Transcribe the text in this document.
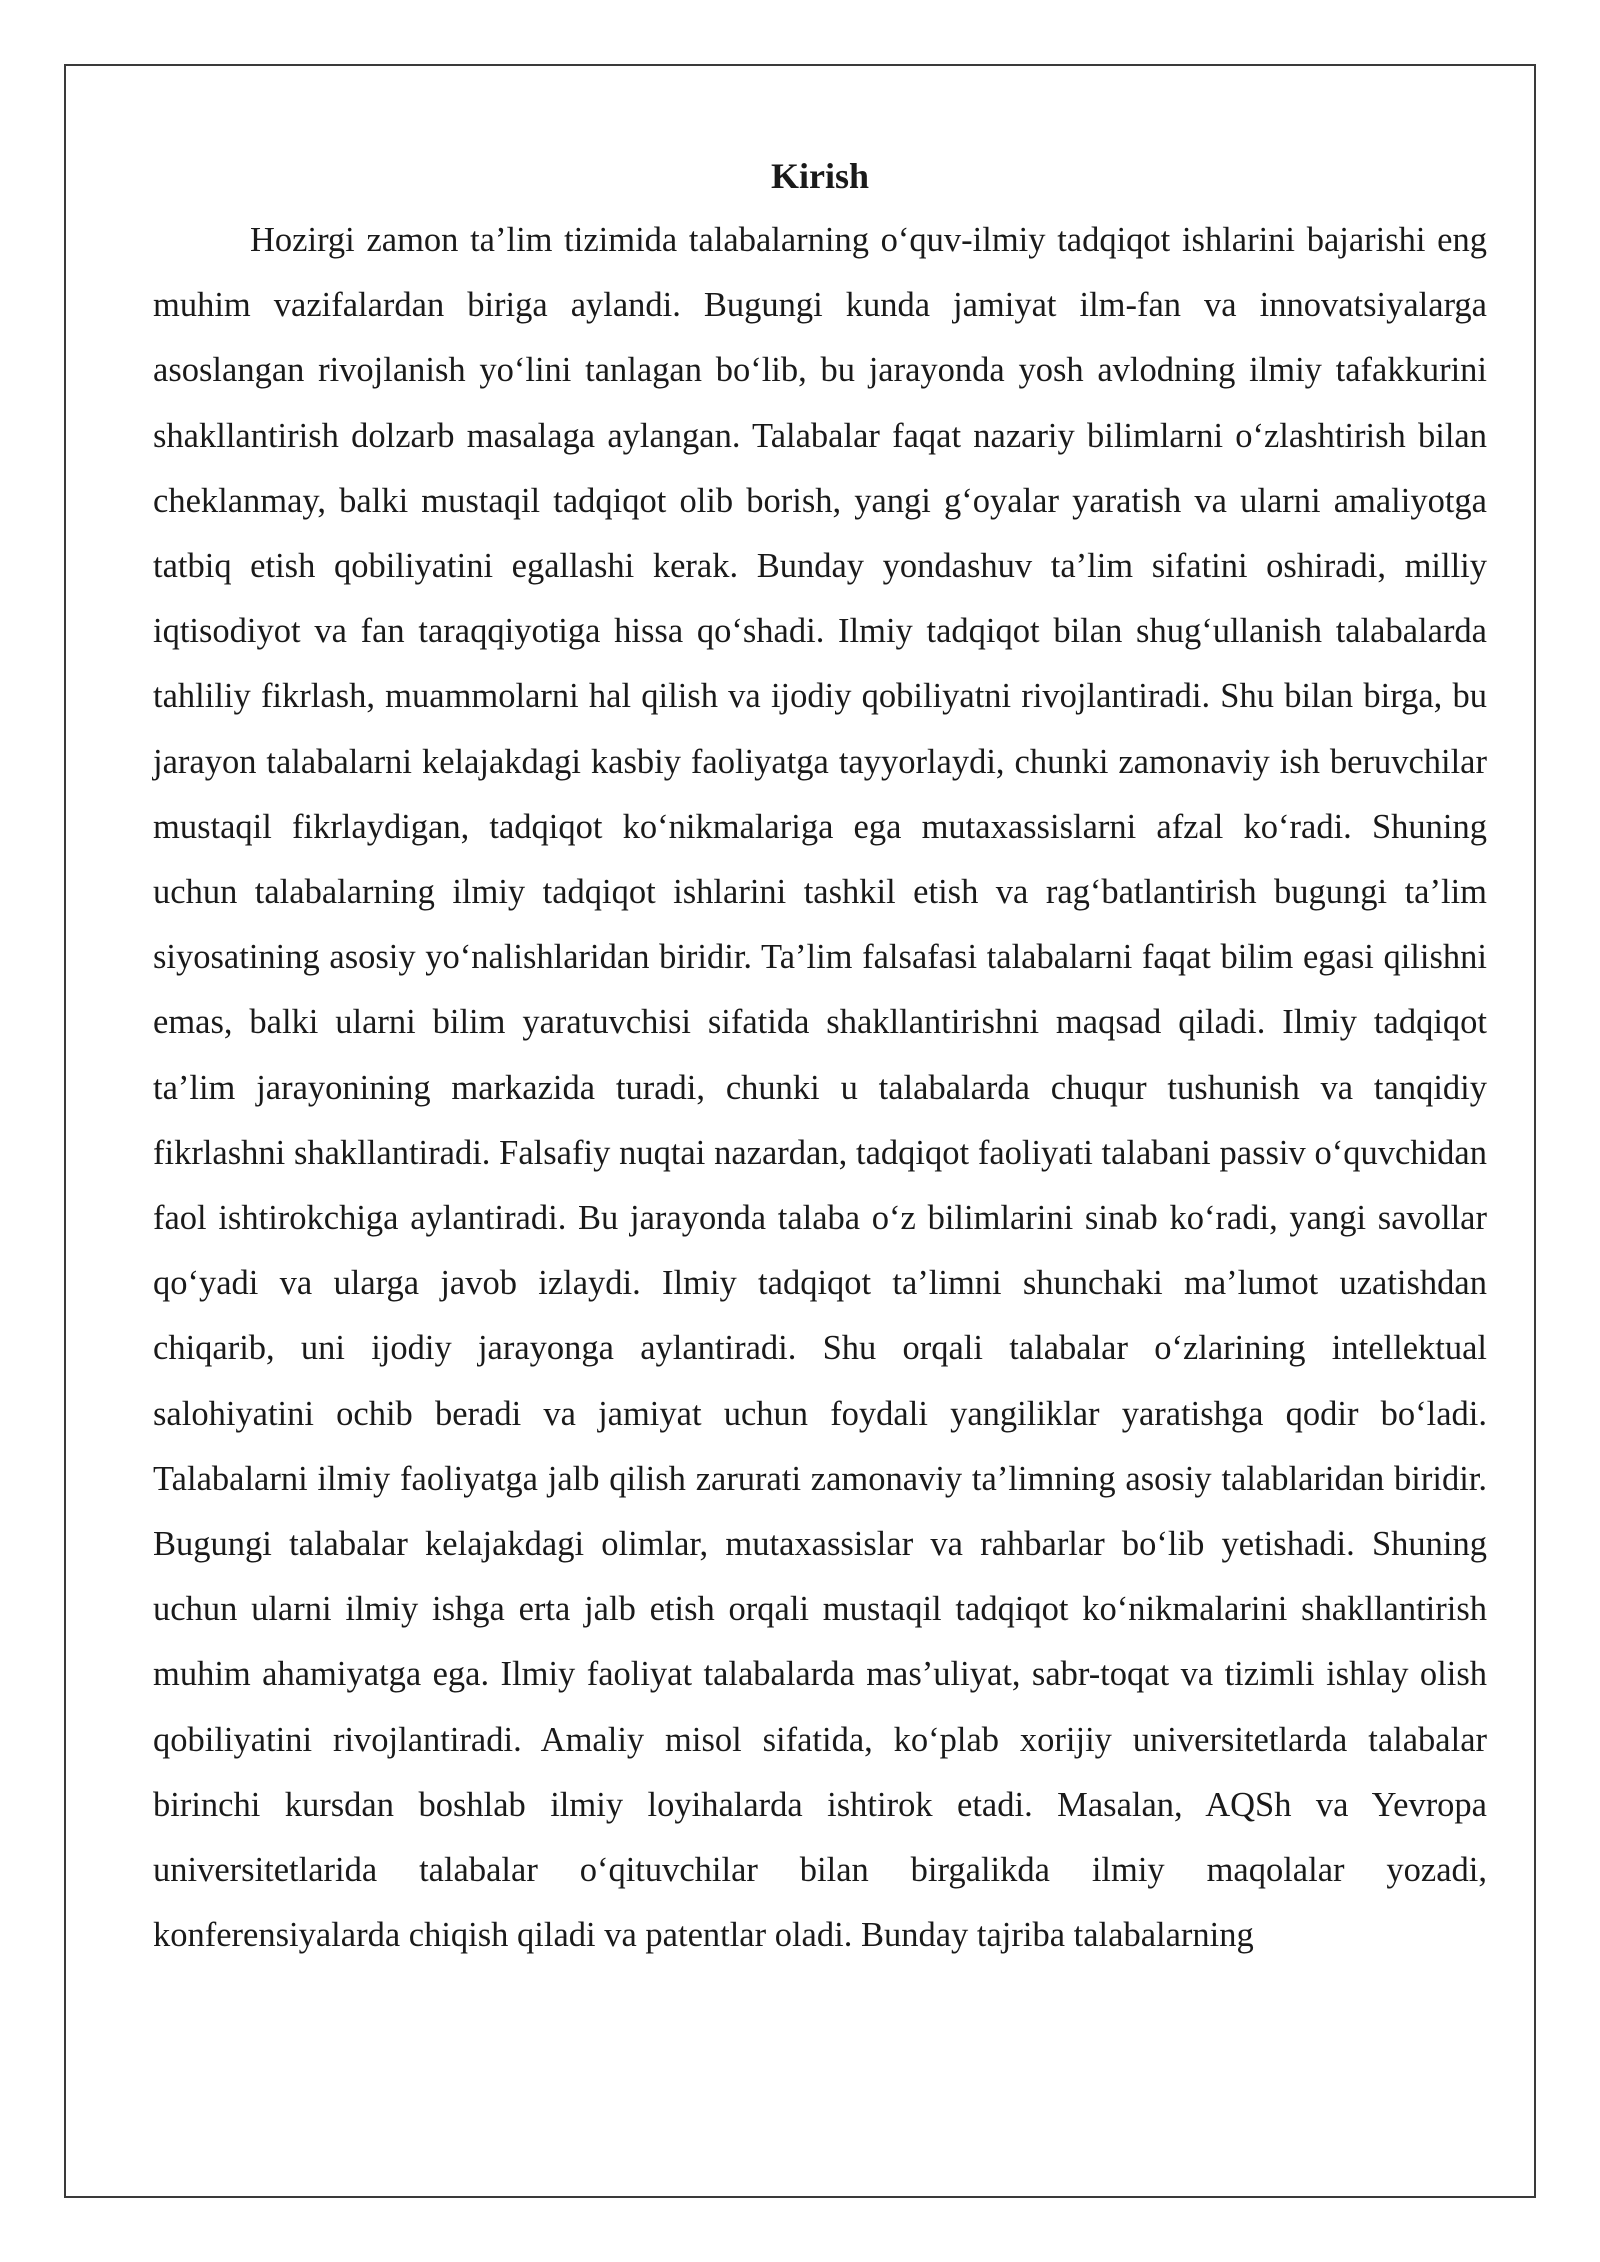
Kirish

Hozirgi zamon ta’lim tizimida talabalarning o‘quv-ilmiy tadqiqot ishlarini bajarishi eng muhim vazifalardan biriga aylandi. Bugungi kunda jamiyat ilm-fan va innovatsiyalarga asoslangan rivojlanish yo‘lini tanlagan bo‘lib, bu jarayonda yosh avlodning ilmiy tafakkurini shakllantirish dolzarb masalaga aylangan. Talabalar faqat nazariy bilimlarni o‘zlashtirish bilan cheklanmay, balki mustaqil tadqiqot olib borish, yangi g‘oyalar yaratish va ularni amaliyotga tatbiq etish qobiliyatini egallashi kerak. Bunday yondashuv ta’lim sifatini oshiradi, milliy iqtisodiyot va fan taraqqiyotiga hissa qo‘shadi. Ilmiy tadqiqot bilan shug‘ullanish talabalarda tahliliy fikrlash, muammolarni hal qilish va ijodiy qobiliyatni rivojlantiradi. Shu bilan birga, bu jarayon talabalarni kelajakdagi kasbiy faoliyatga tayyorlaydi, chunki zamonaviy ish beruvchilar mustaqil fikrlaydigan, tadqiqot ko‘nikmalariga ega mutaxassislarni afzal ko‘radi. Shuning uchun talabalarning ilmiy tadqiqot ishlarini tashkil etish va rag‘batlantirish bugungi ta’lim siyosatining asosiy yo‘nalishlaridan biridir. Ta’lim falsafasi talabalarni faqat bilim egasi qilishni emas, balki ularni bilim yaratuvchisi sifatida shakllantirishni maqsad qiladi. Ilmiy tadqiqot ta’lim jarayonining markazida turadi, chunki u talabalarda chuqur tushunish va tanqidiy fikrlashni shakllantiradi. Falsafiy nuqtai nazardan, tadqiqot faoliyati talabani passiv o‘quvchidan faol ishtirokchiga aylantiradi. Bu jarayonda talaba o‘z bilimlarini sinab ko‘radi, yangi savollar qo‘yadi va ularga javob izlaydi. Ilmiy tadqiqot ta’limni shunchaki ma’lumot uzatishdan chiqarib, uni ijodiy jarayonga aylantiradi. Shu orqali talabalar o‘zlarining intellektual salohiyatini ochib beradi va jamiyat uchun foydali yangiliklar yaratishga qodir bo‘ladi. Talabalarni ilmiy faoliyatga jalb qilish zarurati zamonaviy ta’limning asosiy talablaridan biridir. Bugungi talabalar kelajakdagi olimlar, mutaxassislar va rahbarlar bo‘lib yetishadi. Shuning uchun ularni ilmiy ishga erta jalb etish orqali mustaqil tadqiqot ko‘nikmalarini shakllantirish muhim ahamiyatga ega. Ilmiy faoliyat talabalarda mas’uliyat, sabr-toqat va tizimli ishlay olish qobiliyatini rivojlantiradi. Amaliy misol sifatida, ko‘plab xorijiy universitetlarda talabalar birinchi kursdan boshlab ilmiy loyihalarda ishtirok etadi. Masalan, AQSh va Yevropa universitetlarida talabalar o‘qituvchilar bilan birgalikda ilmiy maqolalar yozadi, konferensiyalarda chiqish qiladi va patentlar oladi. Bunday tajriba talabalarning
